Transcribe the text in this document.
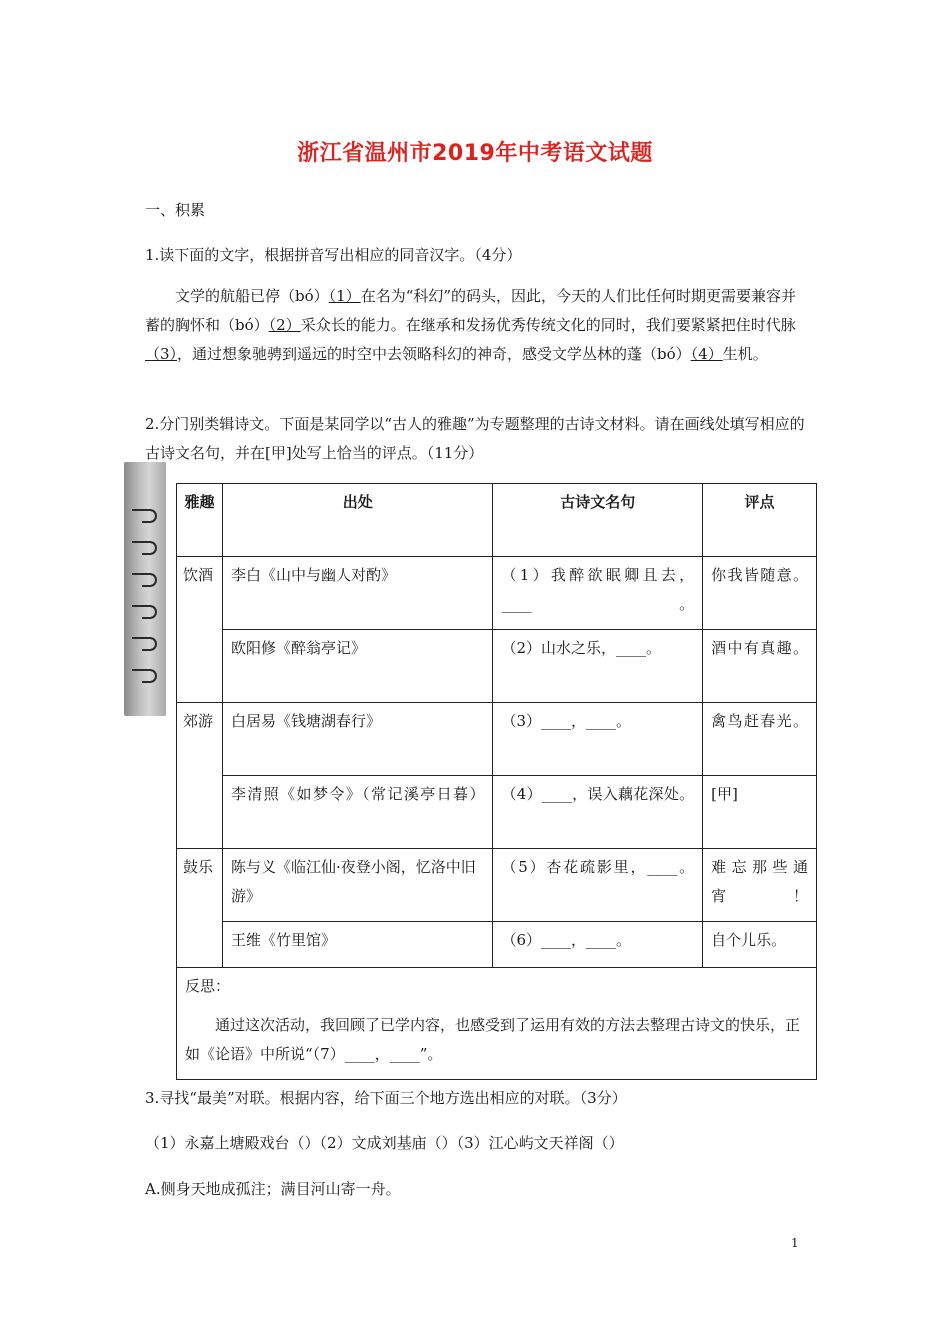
浙江省温州市2019年中考语文试题
一、积累
1.读下面的文字，根据拼音写出相应的同音汉字。（4分）
文学的航船已停（bó）（1）在名为“科幻”的码头，因此，今天的人们比任何时期更需要兼容并蓄的胸怀和（bó）（2）采众长的能力。在继承和发扬优秀传统文化的同时，我们要紧紧把住时代脉（3），通过想象驰骋到遥远的时空中去领略科幻的神奇，感受文学丛林的蓬（bó）（4）生机。
2.分门别类辑诗文。下面是某同学以“古人的雅趣”为专题整理的古诗文材料。请在画线处填写相应的古诗文名句，并在[甲]处写上恰当的评点。（11分）
雅趣	出处	古诗文名句	评点
饮酒	李白《山中与幽人对酌》	（1）我醉欲眠卿且去，____。	你我皆随意。
	欧阳修《醉翁亭记》	（2）山水之乐，____。	酒中有真趣。
郊游	白居易《钱塘湖春行》	（3）____，____。	禽鸟赶春光。
	李清照《如梦令》（常记溪亭日暮）	（4）____，误入藕花深处。	[甲]
鼓乐	陈与义《临江仙·夜登小阁，忆洛中旧游》	（5）杏花疏影里，____。	难忘那些通宵！
	王维《竹里馆》	（6）____，____。	自个儿乐。

反思：
通过这次活动，我回顾了已学内容，也感受到了运用有效的方法去整理古诗文的快乐，正如《论语》中所说“（7）____，____”。			
3.寻找“最美”对联。根据内容，给下面三个地方选出相应的对联。（3分）
（1）永嘉上塘殿戏台（）（2）文成刘基庙（）（3）江心屿文天祥阁（）
A.侧身天地成孤注；满目河山寄一舟。
1
